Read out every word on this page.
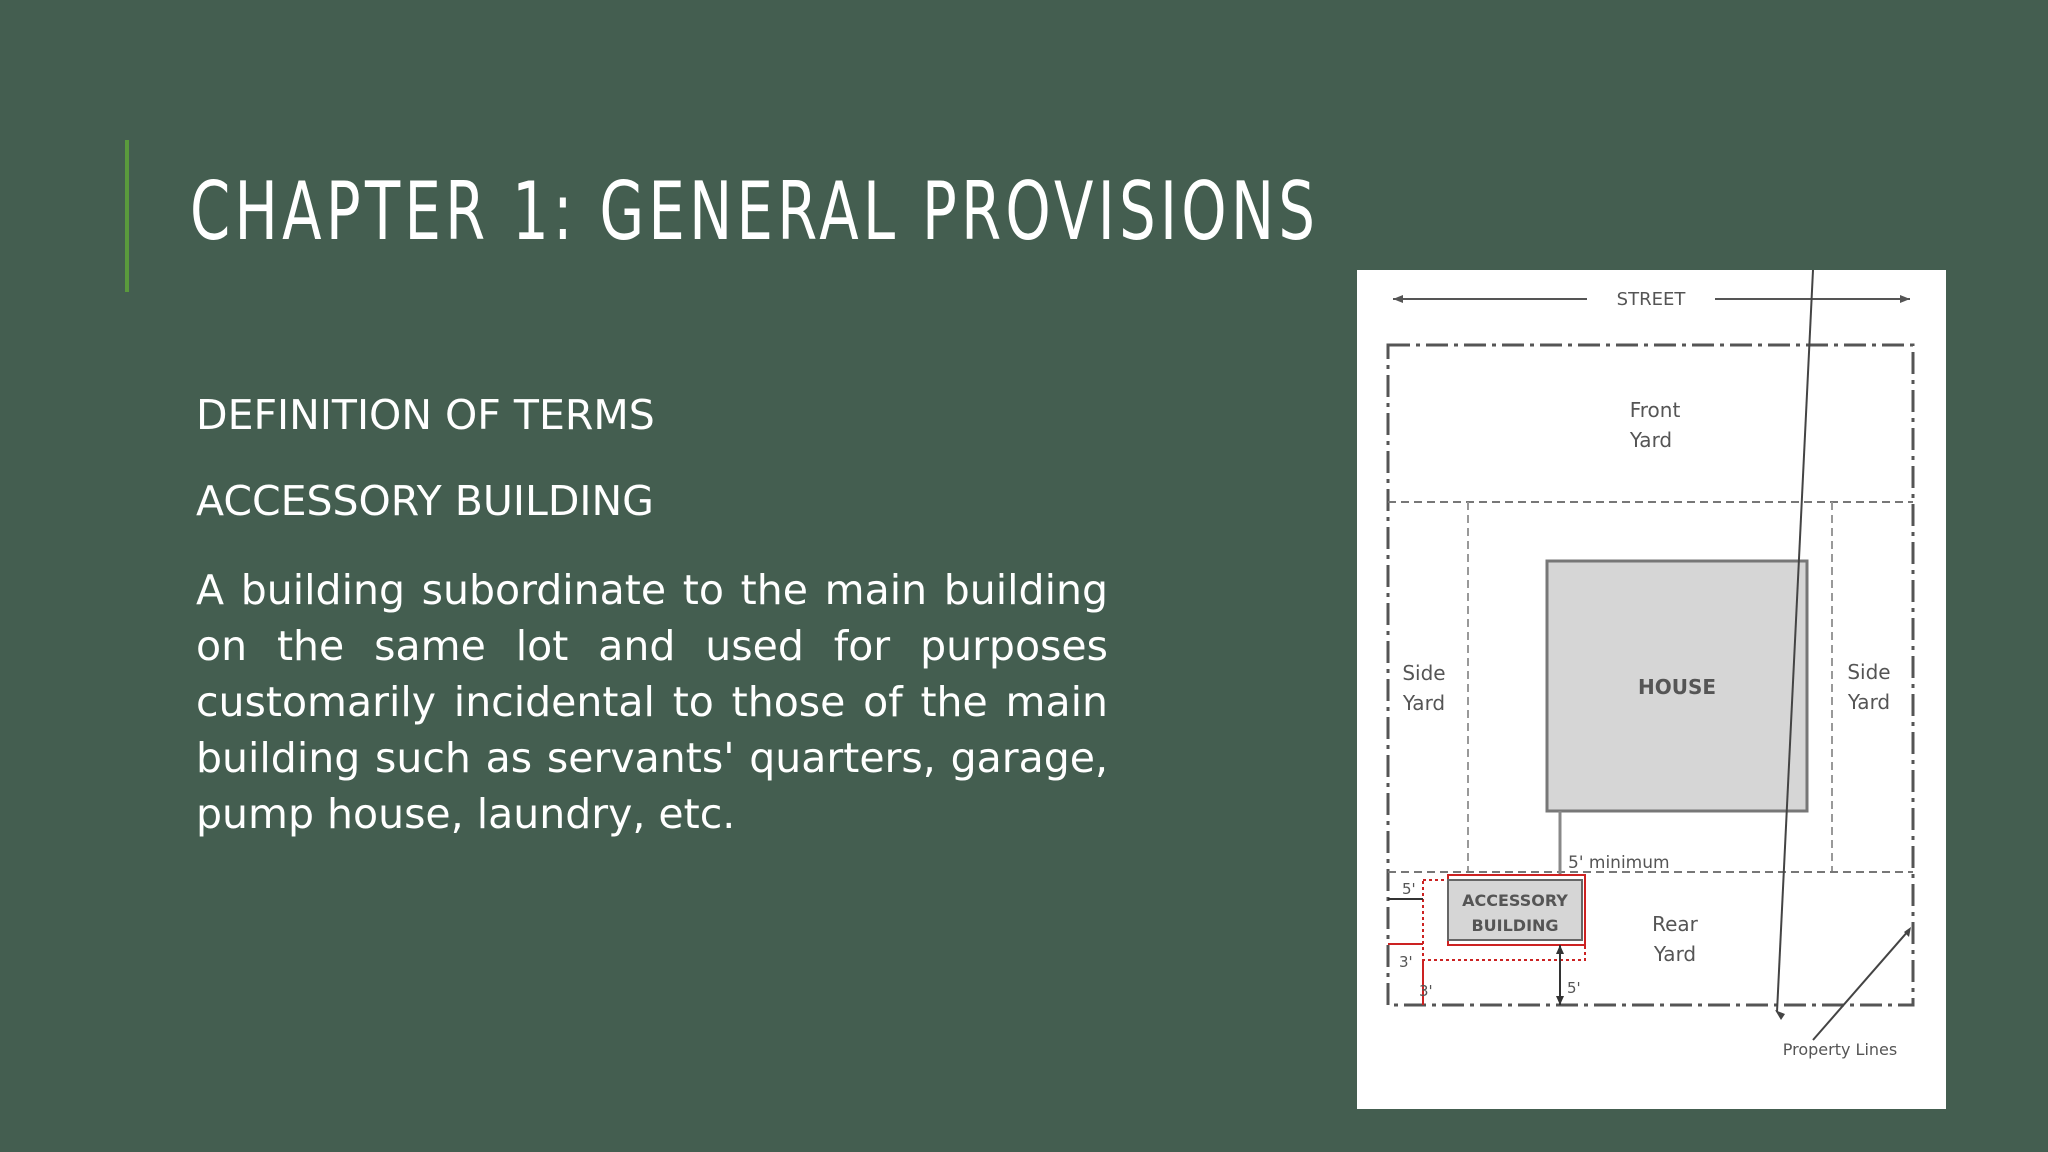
CHAPTER 1: GENERAL PROVISIONS

DEFINITION OF TERMS

ACCESSORY BUILDING

A building subordinate to the main building on the same lot and used for purposes customarily incidental to those of the main building such as servants' quarters, garage, pump house, laundry, etc.

STREET
Front
Yard
Side
Yard
Side
Yard
HOUSE
5' minimum
ACCESSORY
BUILDING
5'
3'
3'	5'
Rear
Yard
Property Lines
